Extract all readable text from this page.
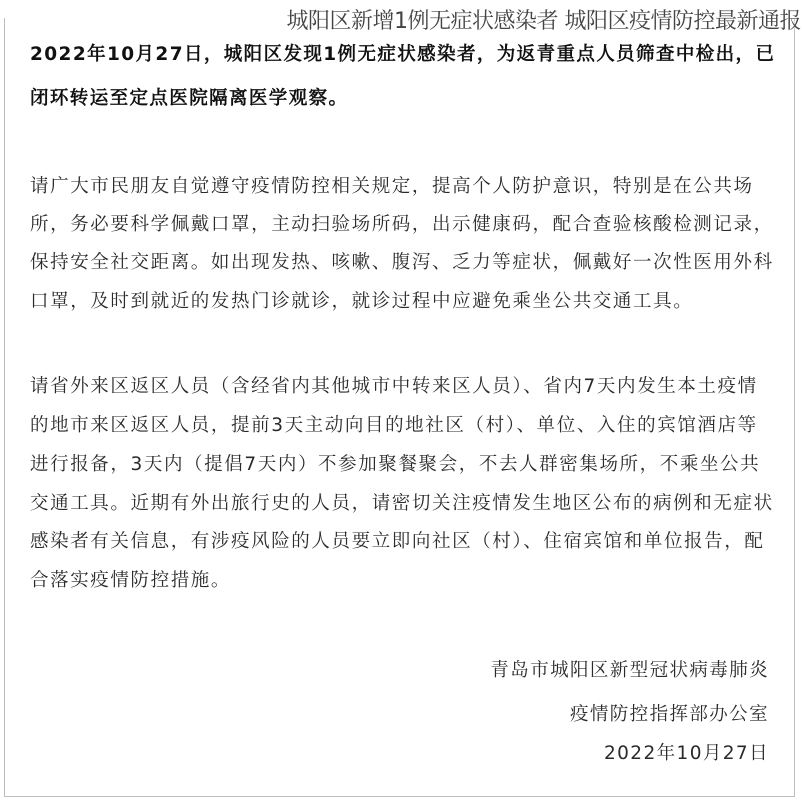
城阳区新增1例无症状感染者 城阳区疫情防控最新通报
2022年10月27日，城阳区发现1例无症状感染者，为返青重点人员筛查中检出，已
闭环转运至定点医院隔离医学观察。
请广大市民朋友自觉遵守疫情防控相关规定，提高个人防护意识，特别是在公共场
所，务必要科学佩戴口罩，主动扫验场所码，出示健康码，配合查验核酸检测记录，
保持安全社交距离。如出现发热、咳嗽、腹泻、乏力等症状，佩戴好一次性医用外科
口罩，及时到就近的发热门诊就诊，就诊过程中应避免乘坐公共交通工具。
请省外来区返区人员（含经省内其他城市中转来区人员）、省内7天内发生本土疫情
的地市来区返区人员，提前3天主动向目的地社区（村）、单位、入住的宾馆酒店等
进行报备，3天内（提倡7天内）不参加聚餐聚会，不去人群密集场所，不乘坐公共
交通工具。近期有外出旅行史的人员，请密切关注疫情发生地区公布的病例和无症状
感染者有关信息，有涉疫风险的人员要立即向社区（村）、住宿宾馆和单位报告，配
合落实疫情防控措施。
青岛市城阳区新型冠状病毒肺炎
疫情防控指挥部办公室
2022年10月27日
